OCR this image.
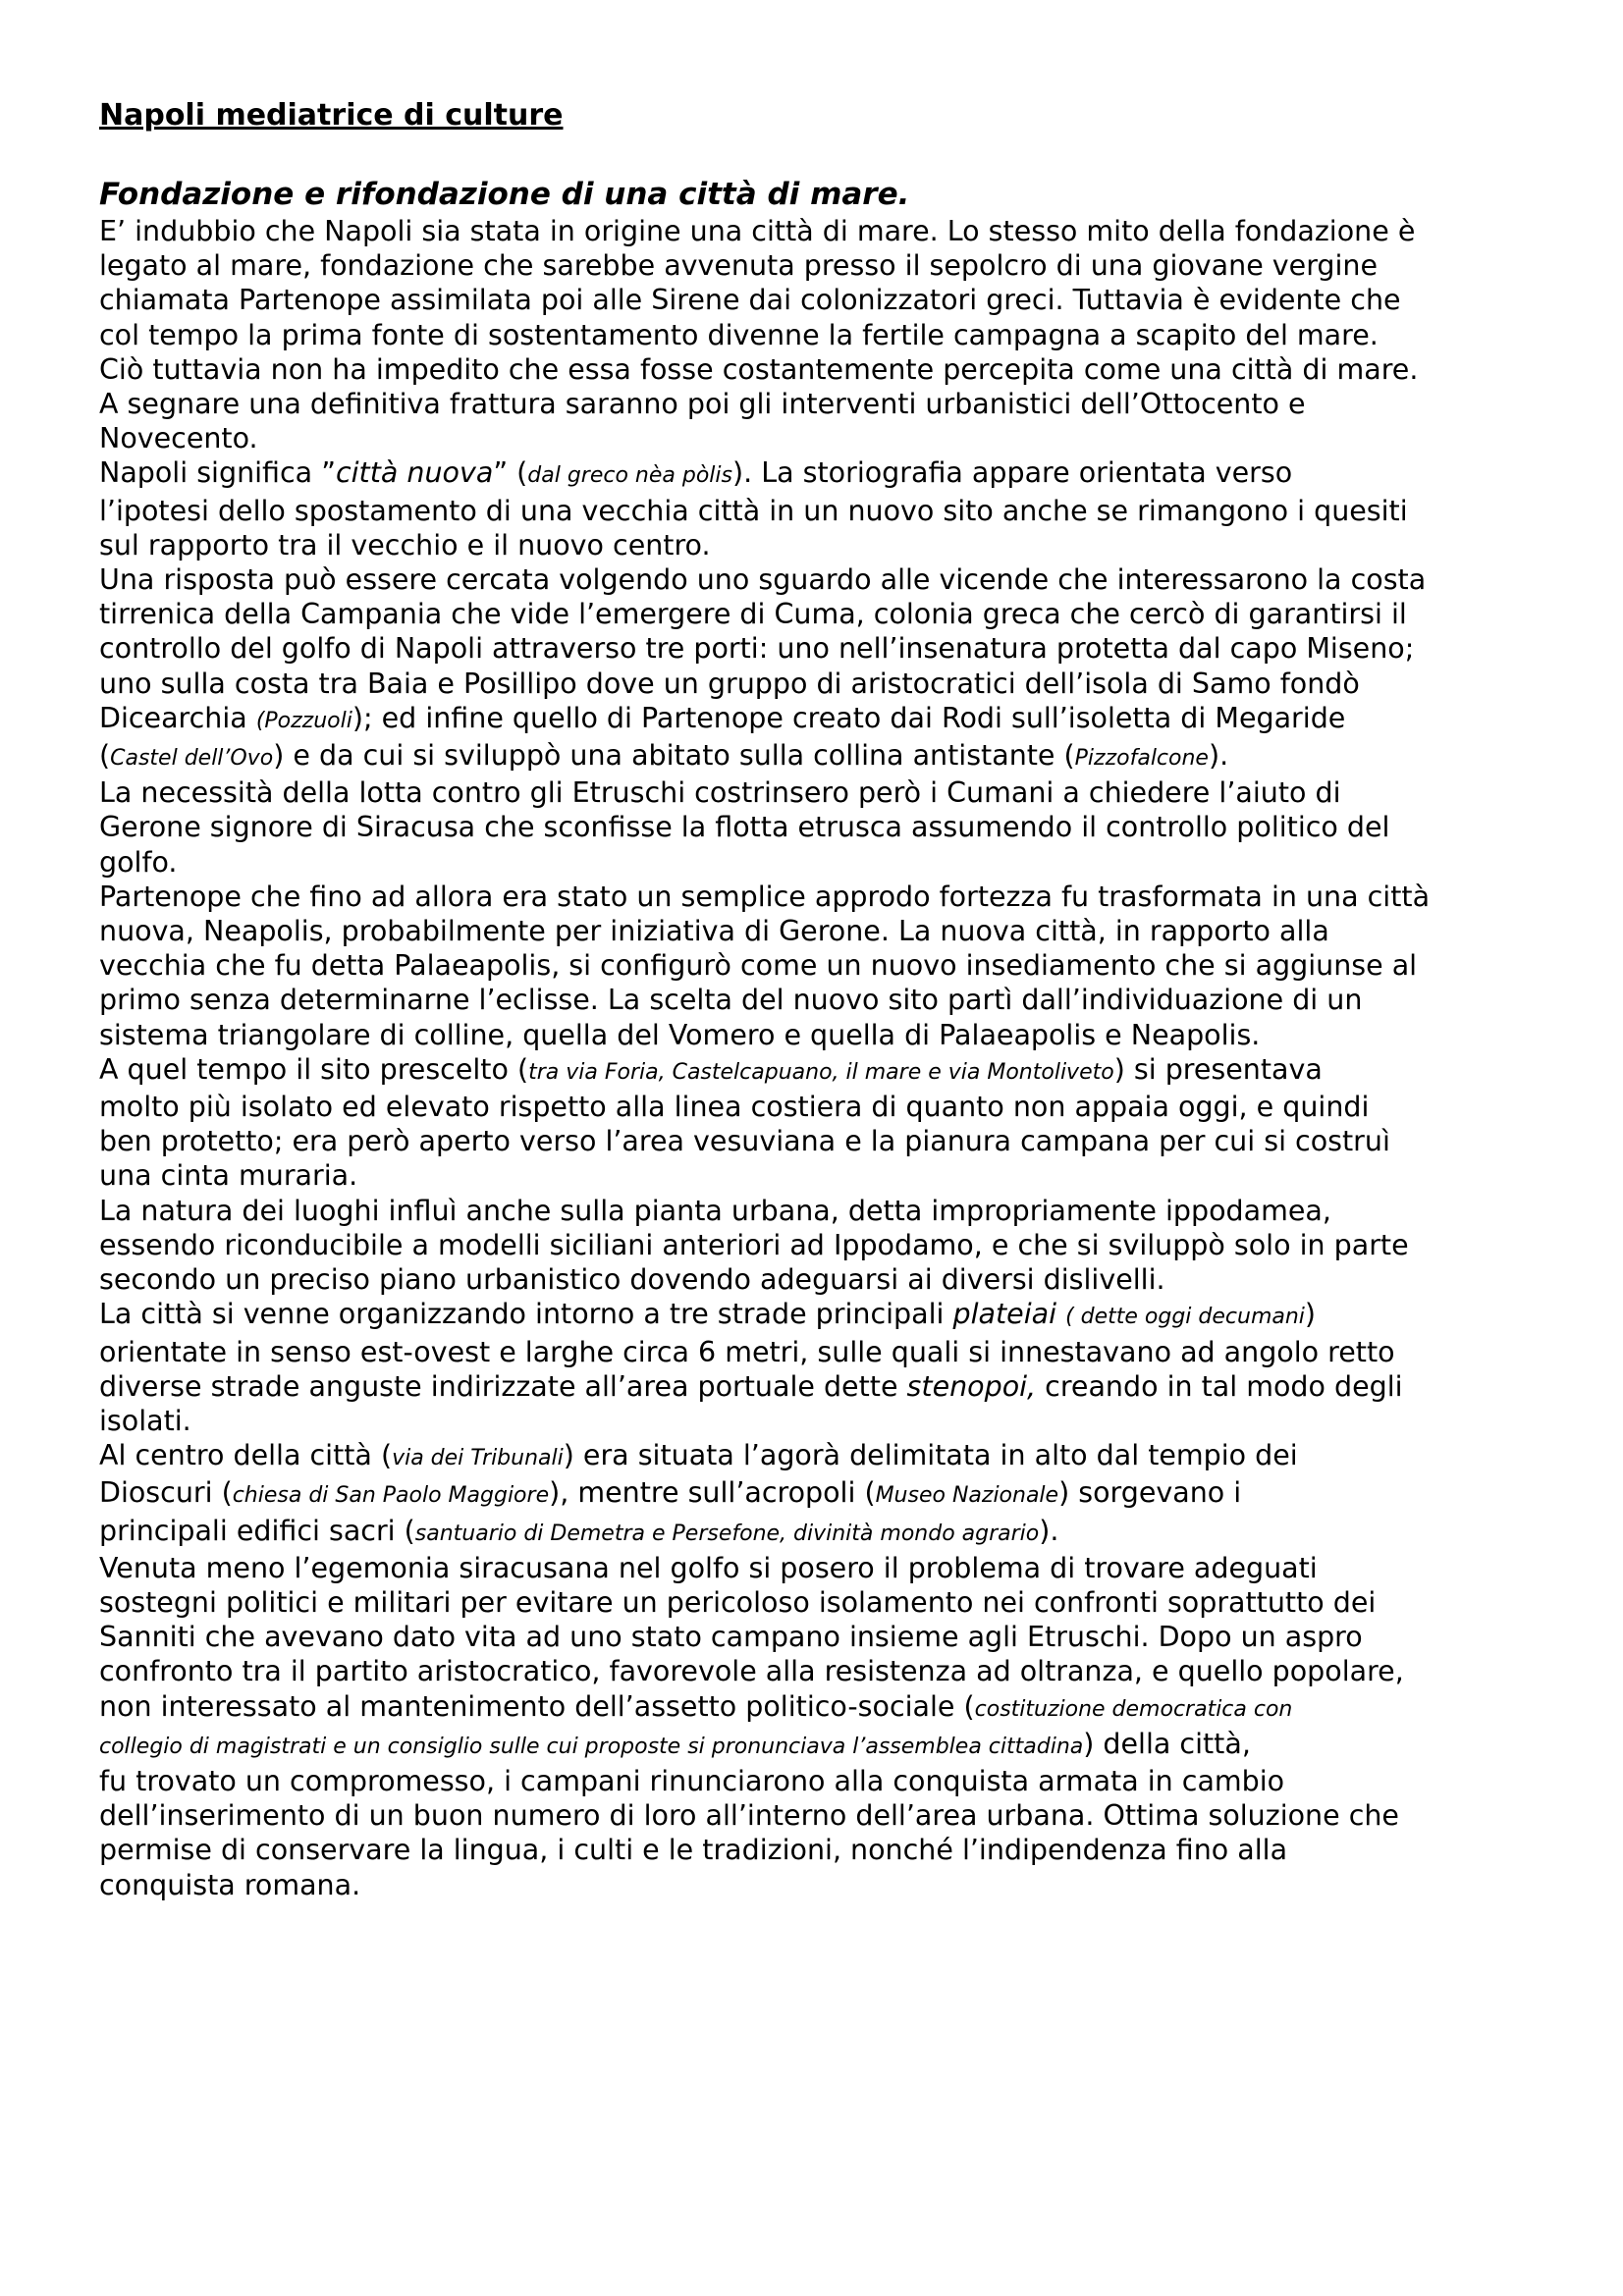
Napoli mediatrice di culture
Fondazione e rifondazione di una città di mare.

E’ indubbio che Napoli sia stata in origine una città di mare. Lo stesso mito della fondazione è
legato al mare, fondazione che sarebbe avvenuta presso il sepolcro di una giovane vergine
chiamata Partenope assimilata poi alle Sirene dai colonizzatori greci. Tuttavia è evidente che
col tempo la prima fonte di sostentamento divenne la fertile campagna a scapito del mare.
Ciò tuttavia non ha impedito che essa fosse costantemente percepita come una città di mare.
A segnare una definitiva frattura saranno poi gli interventi urbanistici dell’Ottocento e
Novecento.

Napoli significa ”città nuova” (dal greco nèa pòlis). La storiografia appare orientata verso
l’ipotesi dello spostamento di una vecchia città in un nuovo sito anche se rimangono i quesiti
sul rapporto tra il vecchio e il nuovo centro.

Una risposta può essere cercata volgendo uno sguardo alle vicende che interessarono la costa
tirrenica della Campania che vide l’emergere di Cuma, colonia greca che cercò di garantirsi il
controllo del golfo di Napoli attraverso tre porti: uno nell’insenatura protetta dal capo Miseno;
uno sulla costa tra Baia e Posillipo dove un gruppo di aristocratici dell’isola di Samo fondò
Dicearchia (Pozzuoli); ed infine quello di Partenope creato dai Rodi sull’isoletta di Megaride
(Castel dell’Ovo) e da cui si sviluppò una abitato sulla collina antistante (Pizzofalcone).

La necessità della lotta contro gli Etruschi costrinsero però i Cumani a chiedere l’aiuto di
Gerone signore di Siracusa che sconfisse la flotta etrusca assumendo il controllo politico del
golfo.

Partenope che fino ad allora era stato un semplice approdo fortezza fu trasformata in una città
nuova, Neapolis, probabilmente per iniziativa di Gerone. La nuova città, in rapporto alla
vecchia che fu detta Palaeapolis, si configurò come un nuovo insediamento che si aggiunse al
primo senza determinarne l’eclisse. La scelta del nuovo sito partì dall’individuazione di un
sistema triangolare di colline, quella del Vomero e quella di Palaeapolis e Neapolis.

A quel tempo il sito prescelto (tra via Foria, Castelcapuano, il mare e via Montoliveto) si presentava
molto più isolato ed elevato rispetto alla linea costiera di quanto non appaia oggi, e quindi
ben protetto; era però aperto verso l’area vesuviana e la pianura campana per cui si costruì
una cinta muraria.

La natura dei luoghi influì anche sulla pianta urbana, detta impropriamente ippodamea,
essendo riconducibile a modelli siciliani anteriori ad Ippodamo, e che si sviluppò solo in parte
secondo un preciso piano urbanistico dovendo adeguarsi ai diversi dislivelli.

La città si venne organizzando intorno a tre strade principali plateiai ( dette oggi decumani)
orientate in senso est-ovest e larghe circa 6 metri, sulle quali si innestavano ad angolo retto
diverse strade anguste indirizzate all’area portuale dette stenopoi, creando in tal modo degli
isolati.

Al centro della città (via dei Tribunali) era situata l’agorà delimitata in alto dal tempio dei
Dioscuri (chiesa di San Paolo Maggiore), mentre sull’acropoli (Museo Nazionale) sorgevano i
principali edifici sacri (santuario di Demetra e Persefone, divinità mondo agrario).

Venuta meno l’egemonia siracusana nel golfo si posero il problema di trovare adeguati
sostegni politici e militari per evitare un pericoloso isolamento nei confronti soprattutto dei
Sanniti che avevano dato vita ad uno stato campano insieme agli Etruschi. Dopo un aspro
confronto tra il partito aristocratico, favorevole alla resistenza ad oltranza, e quello popolare,
non interessato al mantenimento dell’assetto politico-sociale (costituzione democratica con
collegio di magistrati e un consiglio sulle cui proposte si pronunciava l’assemblea cittadina) della città,
fu trovato un compromesso, i campani rinunciarono alla conquista armata in cambio
dell’inserimento di un buon numero di loro all’interno dell’area urbana. Ottima soluzione che
permise di conservare la lingua, i culti e le tradizioni, nonché l’indipendenza fino alla
conquista romana.
